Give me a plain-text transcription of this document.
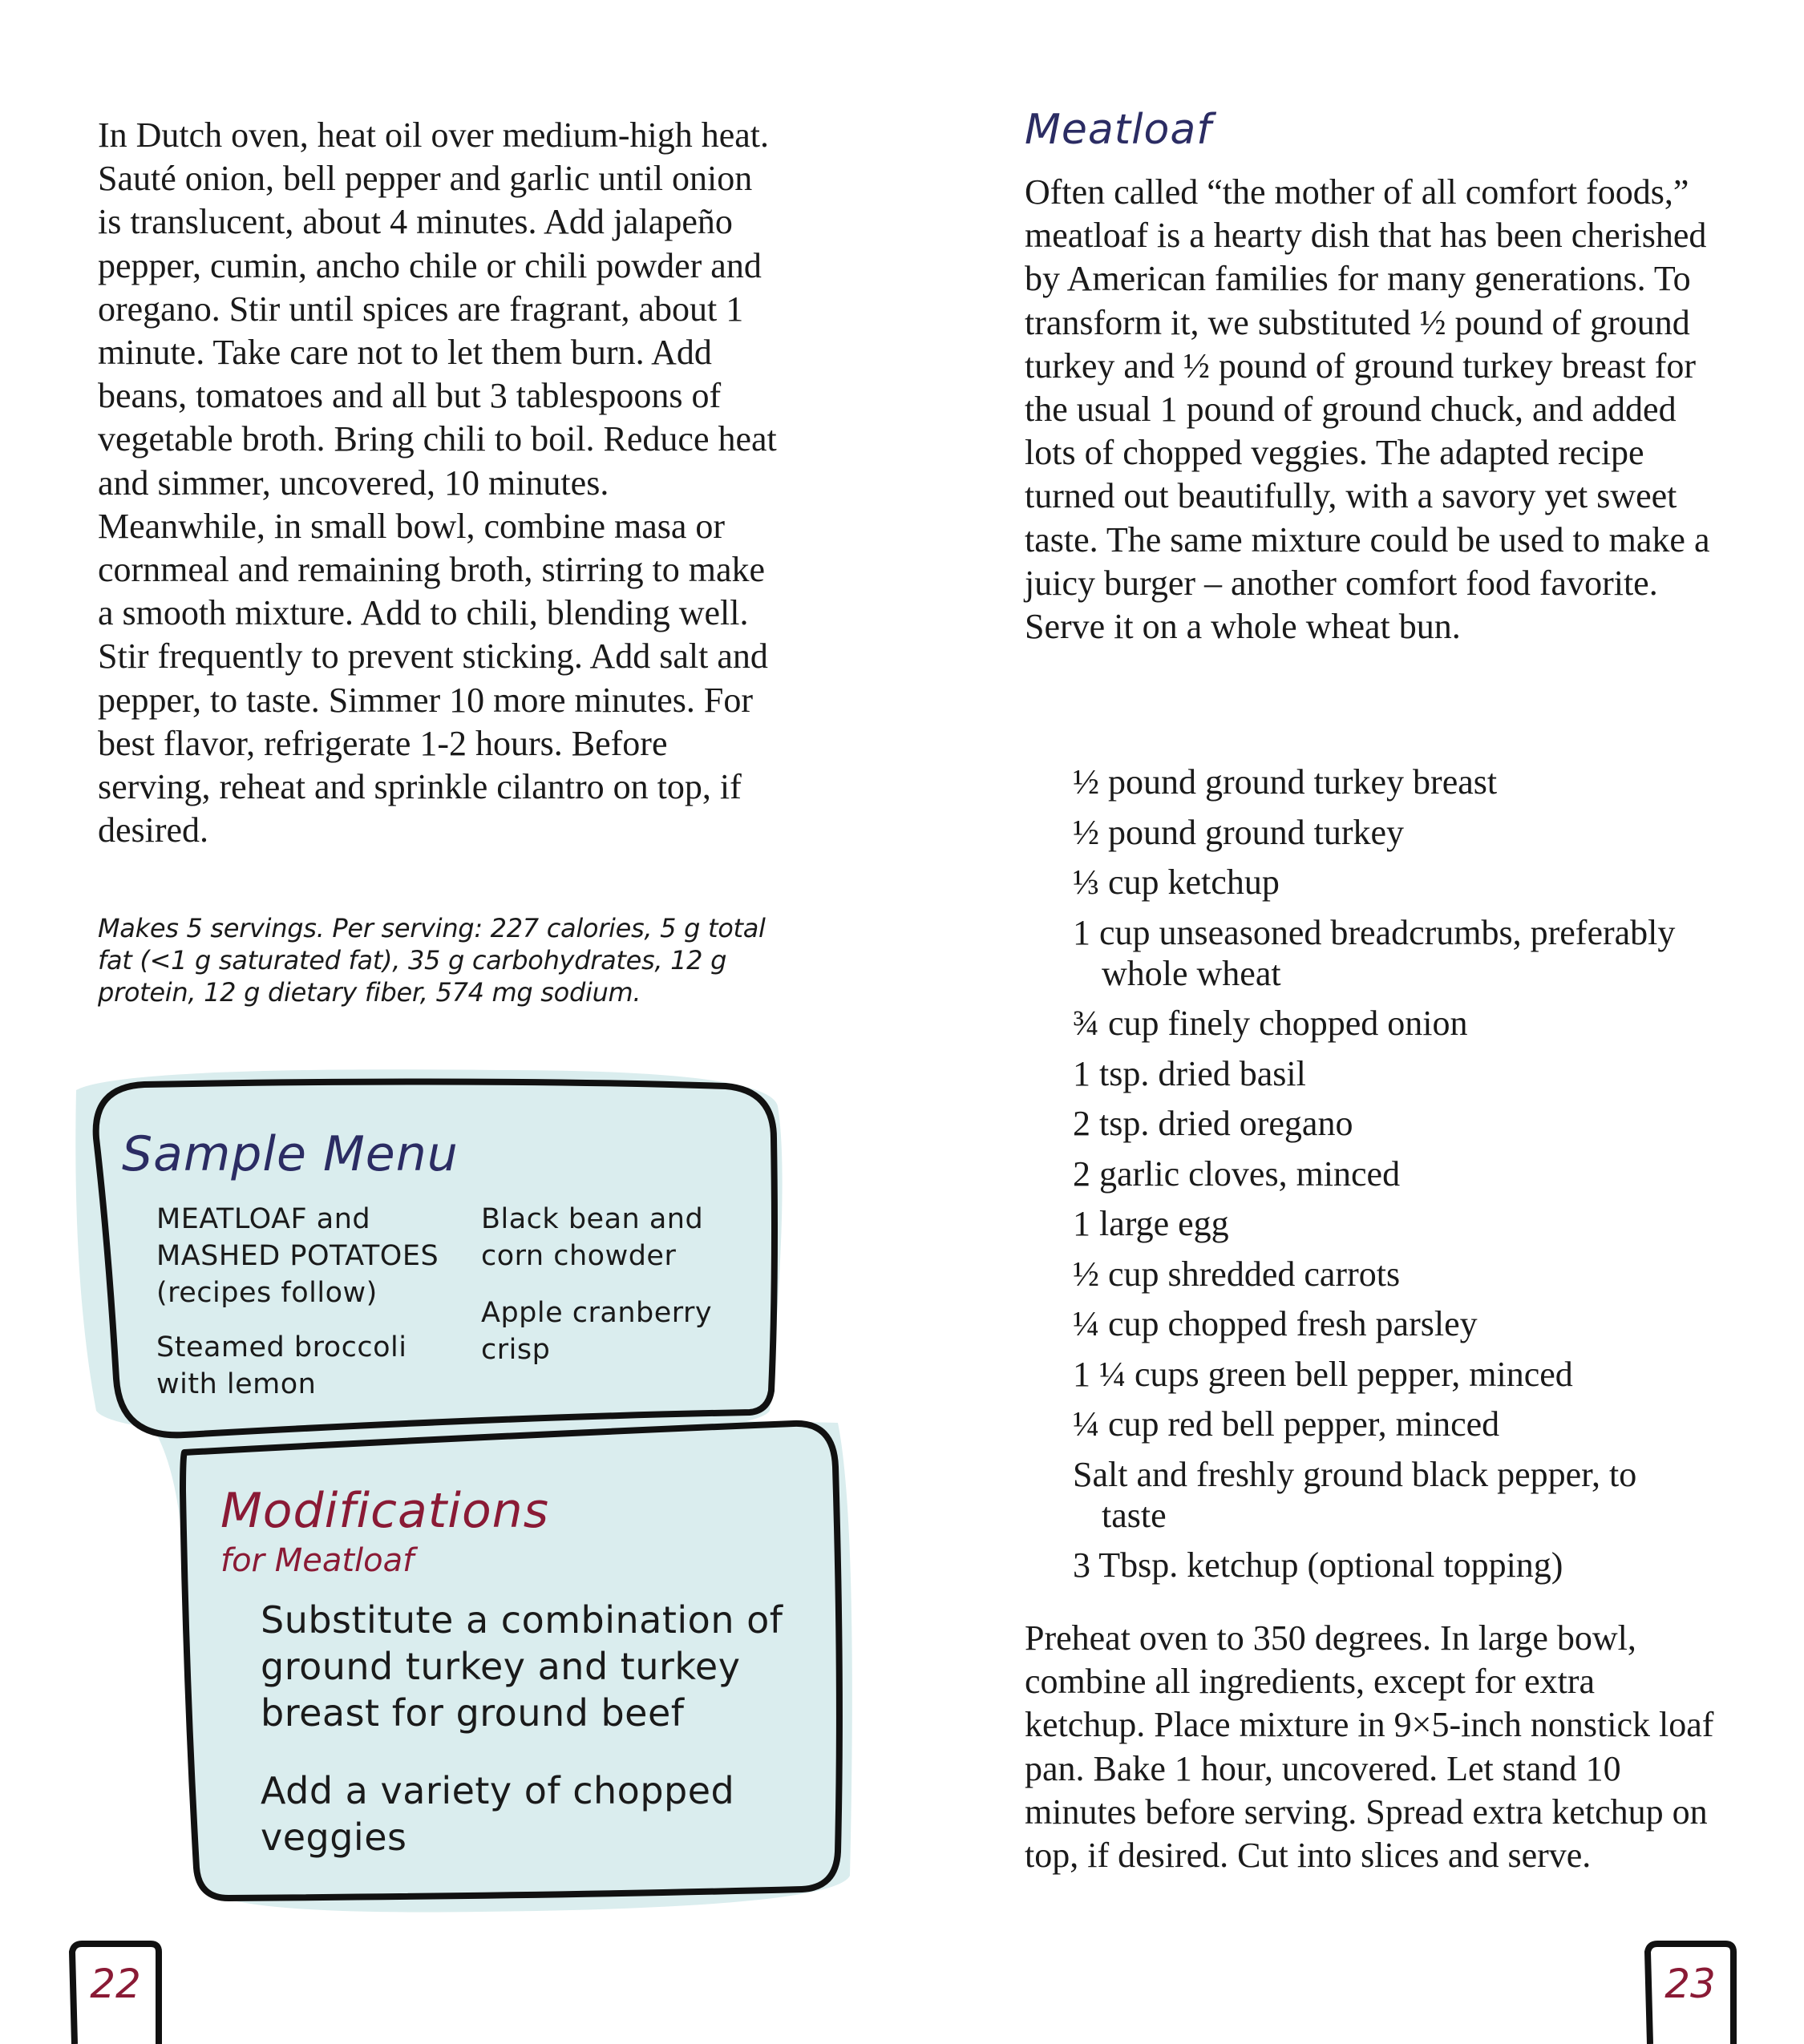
In Dutch oven, heat oil over medium-high heat. Sauté onion, bell pepper and garlic until onion is translucent, about 4 minutes. Add jalapeño pepper, cumin, ancho chile or chili powder and oregano. Stir until spices are fragrant, about 1 minute. Take care not to let them burn. Add beans, tomatoes and all but 3 tablespoons of vegetable broth. Bring chili to boil. Reduce heat and simmer, uncovered, 10 minutes. Meanwhile, in small bowl, combine masa or cornmeal and remaining broth, stirring to make a smooth mixture. Add to chili, blending well. Stir frequently to prevent sticking. Add salt and pepper, to taste. Simmer 10 more minutes. For best flavor, refrigerate 1-2 hours. Before serving, reheat and sprinkle cilantro on top, if desired.

Makes 5 servings. Per serving: 227 calories, 5 g total fat (<1 g saturated fat), 35 g carbohydrates, 12 g protein, 12 g dietary fiber, 574 mg sodium.

Sample Menu

MEATLOAF and MASHED POTATOES (recipes follow)

Steamed broccoli with lemon

Black bean and corn chowder

Apple cranberry crisp

Modifications

for Meatloaf

Substitute a combination of ground turkey and turkey breast for ground beef

Add a variety of chopped veggies

Meatloaf

Often called “the mother of all comfort foods,” meatloaf is a hearty dish that has been cherished by American families for many generations. To transform it, we substituted ½ pound of ground turkey and ½ pound of ground turkey breast for the usual 1 pound of ground chuck, and added lots of chopped veggies. The adapted recipe turned out beautifully, with a savory yet sweet taste. The same mixture could be used to make a juicy burger – another comfort food favorite. Serve it on a whole wheat bun.

½ pound ground turkey breast
½ pound ground turkey
⅓ cup ketchup
1 cup unseasoned breadcrumbs, preferably whole wheat
¾ cup finely chopped onion
1 tsp. dried basil
2 tsp. dried oregano
2 garlic cloves, minced
1 large egg
½ cup shredded carrots
¼ cup chopped fresh parsley
1 ¼ cups green bell pepper, minced
¼ cup red bell pepper, minced
Salt and freshly ground black pepper, to taste
3 Tbsp. ketchup (optional topping)

Preheat oven to 350 degrees. In large bowl, combine all ingredients, except for extra ketchup. Place mixture in 9×5-inch nonstick loaf pan. Bake 1 hour, uncovered. Let stand 10 minutes before serving. Spread extra ketchup on top, if desired. Cut into slices and serve.

22	23
